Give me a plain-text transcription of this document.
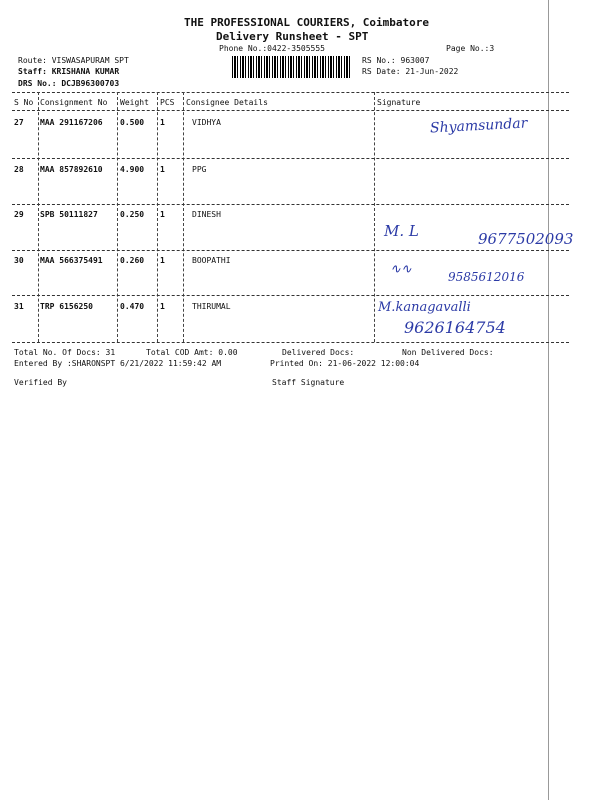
THE PROFESSIONAL COURIERS, Coimbatore
Delivery Runsheet - SPT
Phone No.:0422-3505555	Page No.:3
Route: VISWASAPURAM SPT
Staff: KRISHANA KUMAR
DRS No.: DCJB96300703
RS No.: 963007
RS Date: 21-Jun-2022
S No Consignment No Weight PCS Consignee Details	Signature
27 MAA 291167206 0.500 1	VIDHYA	Shyamsundar
28 MAA 857892610 4.900 1	PPG
29 SPB 50111827	0.250 1	DINESH
M. L	9677502093
30 MAA 566375491 0.260 1	BOOPATHI
∿∿	9585612016
31 TRP 6156250	0.470 1	THIRUMAL	M.kanagavalli
9626164754
Total No. Of Docs: 31	Total COD Amt: 0.00	Delivered Docs:	Non Delivered Docs:
Entered By :SHARONSPT 6/21/2022 11:59:42 AM	Printed On: 21-06-2022 12:00:04
Verified By	Staff Signature
